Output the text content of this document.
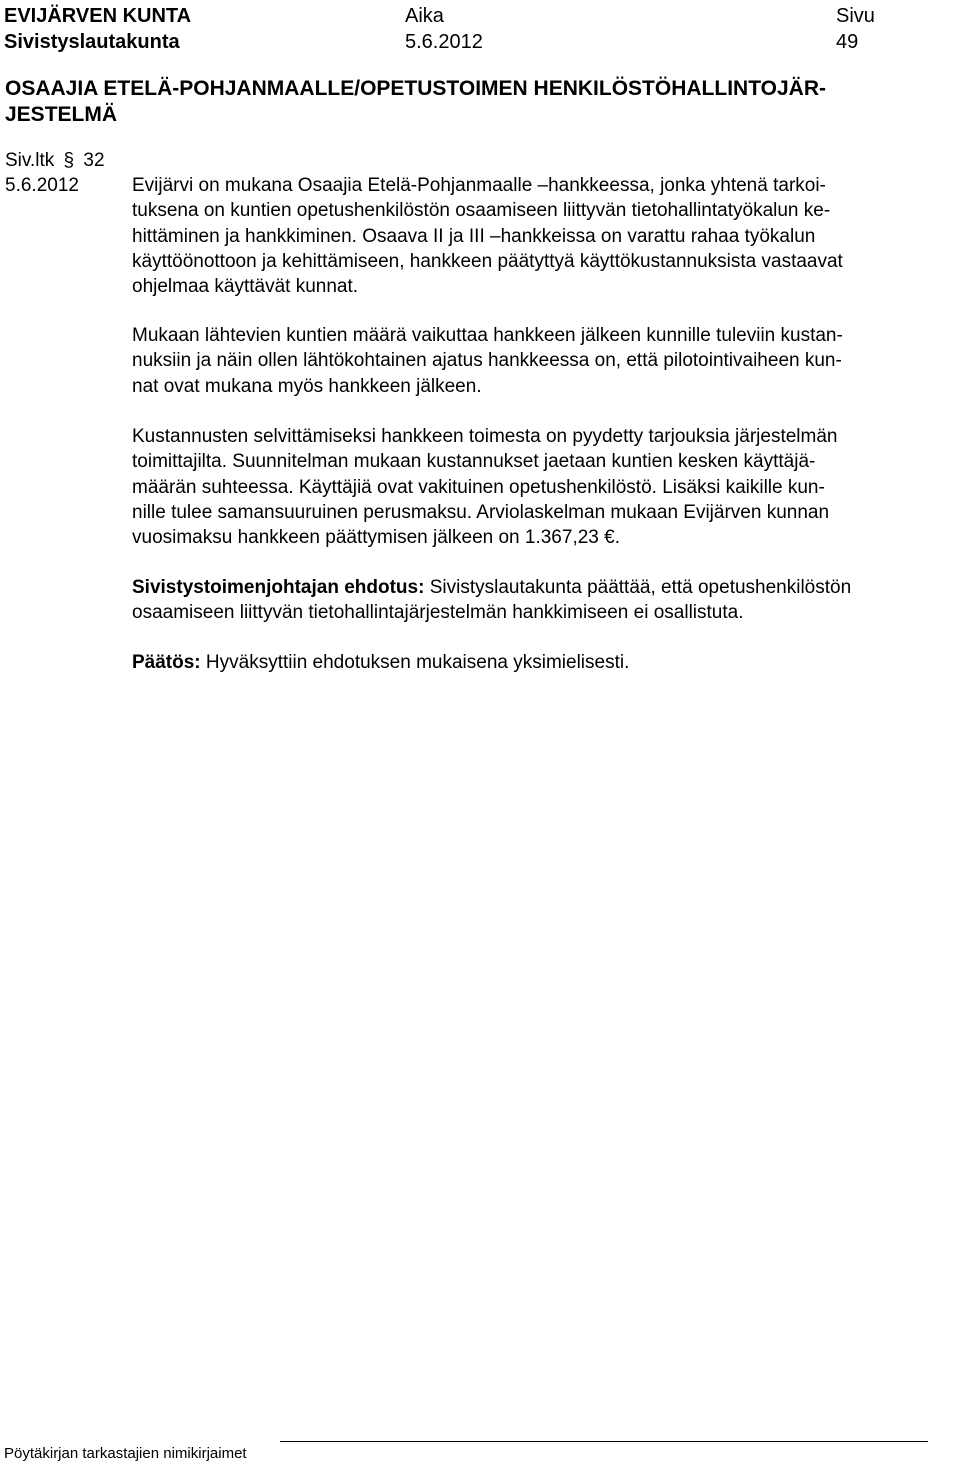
EVIJÄRVEN KUNTA
Sivistyslautakunta
Aika
5.6.2012
Sivu
49
OSAAJIA ETELÄ-POHJANMAALLE/OPETUSTOIMEN HENKILÖSTÖHALLINTOJÄR-
JESTELMÄ
Siv.ltk § 32
5.6.2012	Evijärvi on mukana Osaajia Etelä-Pohjanmaalle –hankkeessa, jonka yhtenä tarkoi-
tuksena on kuntien opetushenkilöstön osaamiseen liittyvän tietohallintatyökalun ke-
hittäminen ja hankkiminen. Osaava II ja III –hankkeissa on varattu rahaa työkalun
käyttöönottoon ja kehittämiseen, hankkeen päätyttyä käyttökustannuksista vastaavat
ohjelmaa käyttävät kunnat.
Mukaan lähtevien kuntien määrä vaikuttaa hankkeen jälkeen kunnille tuleviin kustan-
nuksiin ja näin ollen lähtökohtainen ajatus hankkeessa on, että pilotointivaiheen kun-
nat ovat mukana myös hankkeen jälkeen.
Kustannusten selvittämiseksi hankkeen toimesta on pyydetty tarjouksia järjestelmän
toimittajilta. Suunnitelman mukaan kustannukset jaetaan kuntien kesken käyttäjä-
määrän suhteessa. Käyttäjiä ovat vakituinen opetushenkilöstö. Lisäksi kaikille kun-
nille tulee samansuuruinen perusmaksu. Arviolaskelman mukaan Evijärven kunnan
vuosimaksu hankkeen päättymisen jälkeen on 1.367,23 €.
Sivistystoimenjohtajan ehdotus: Sivistyslautakunta päättää, että opetushenkilöstön
osaamiseen liittyvän tietohallintajärjestelmän hankkimiseen ei osallistuta.
Päätös: Hyväksyttiin ehdotuksen mukaisena yksimielisesti.
Pöytäkirjan tarkastajien nimikirjaimet
